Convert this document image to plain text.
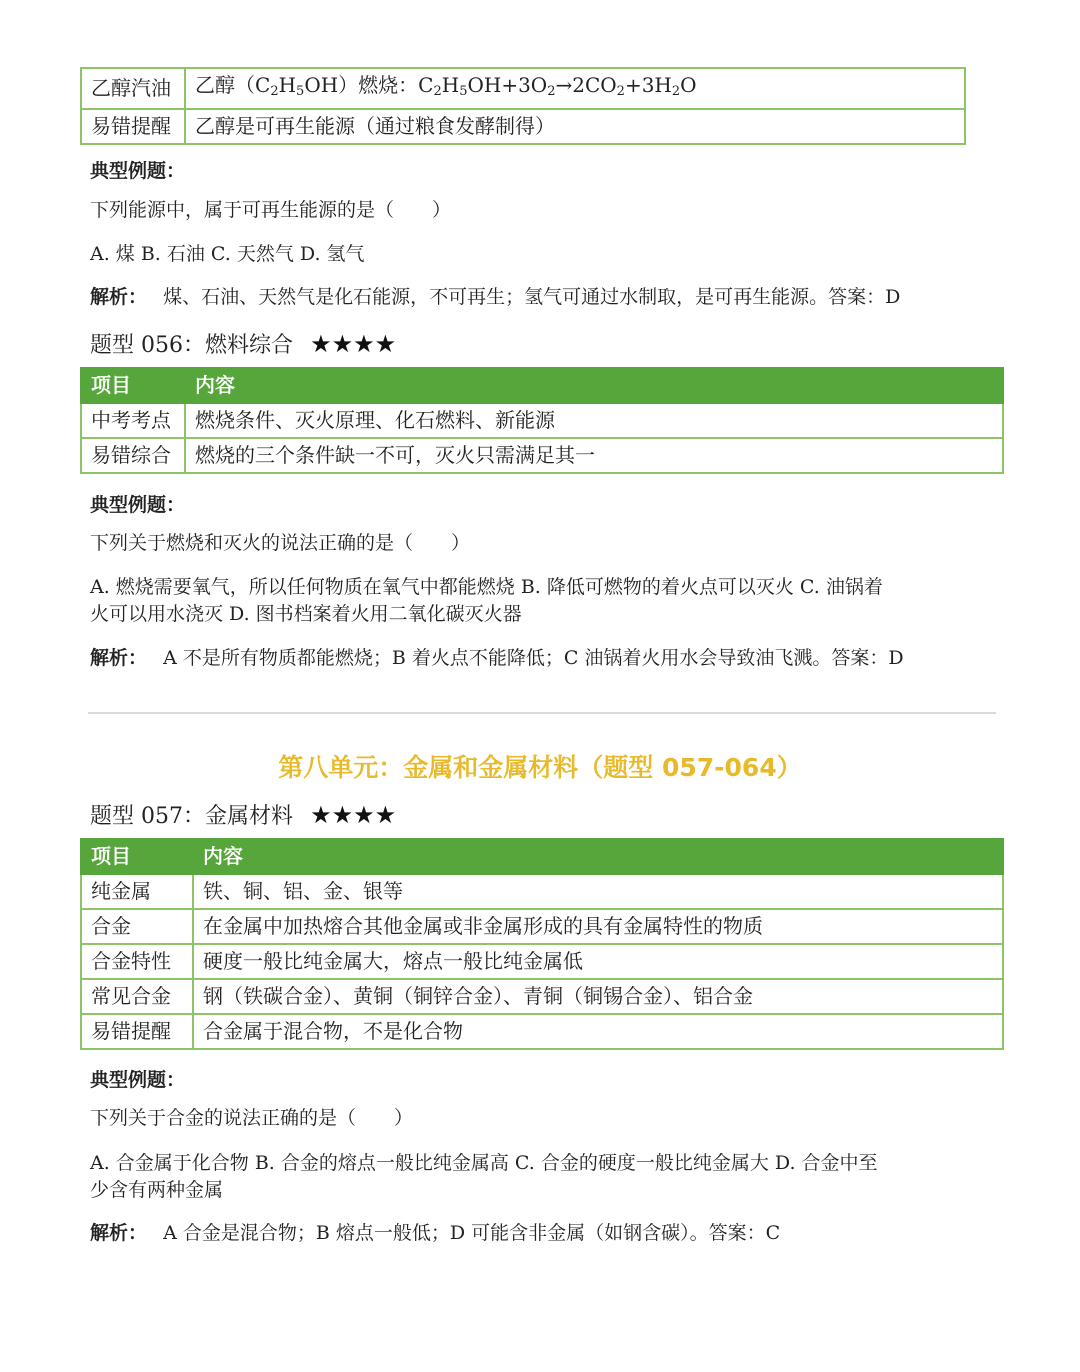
乙醇汽油	乙醇$(C_2H_5OH)$燃烧：$C_2H_5OH+3O_2\to 2CO_2+3H_2O$
易错提醒	乙醇是可再生能源（通过粮食发酵制得）
典型例题：
下列能源中，属于可再生能源的是（　　）
A. 煤 B. 石油 C. 天然气 D. 氢气
解析： 煤、石油、天然气是化石能源，不可再生；氢气可通过水制取，是可再生能源。答案：D
题型 056：燃料综合 ★★★★
项目	内容
中考考点	燃烧条件、灭火原理、化石燃料、新能源
易错综合	燃烧的三个条件缺一不可，灭火只需满足其一
典型例题：
下列关于燃烧和灭火的说法正确的是（　　）
A. 燃烧需要氧气，所以任何物质在氧气中都能燃烧 B. 降低可燃物的着火点可以灭火 C. 油锅着
火可以用水浇灭 D. 图书档案着火用二氧化碳灭火器
解析： A 不是所有物质都能燃烧；B 着火点不能降低；C 油锅着火用水会导致油飞溅。答案：D
第八单元：金属和金属材料（题型 057-064）
题型 057：金属材料 ★★★★
项目	内容
纯金属	铁、铜、铝、金、银等
合金	在金属中加热熔合其他金属或非金属形成的具有金属特性的物质
合金特性	硬度一般比纯金属大，熔点一般比纯金属低
常见合金	钢（铁碳合金）、黄铜（铜锌合金）、青铜（铜锡合金）、铝合金
易错提醒	合金属于混合物，不是化合物
典型例题：
下列关于合金的说法正确的是（　　）
A. 合金属于化合物 B. 合金的熔点一般比纯金属高 C. 合金的硬度一般比纯金属大 D. 合金中至
少含有两种金属
解析： A 合金是混合物；B 熔点一般低；D 可能含非金属（如钢含碳）。答案：C
